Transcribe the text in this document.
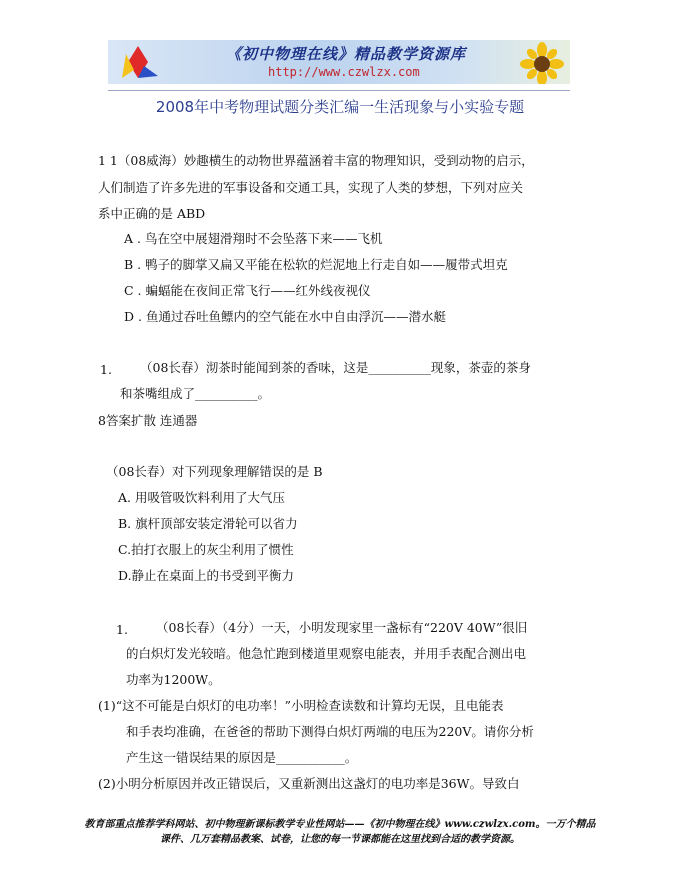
《初中物理在线》精品教学资源库
http://www.czwlzx.com
2008年中考物理试题分类汇编一生活现象与小实验专题
1 1（08威海）妙趣横生的动物世界蕴涵着丰富的物理知识，受到动物的启示，
人们制造了许多先进的军事设备和交通工具，实现了人类的梦想，下列对应关
系中正确的是 ABD
A . 鸟在空中展翅滑翔时不会坠落下来——飞机
B . 鸭子的脚掌又扁又平能在松软的烂泥地上行走自如——履带式坦克
C . 蝙蝠能在夜间正常飞行——红外线夜视仪
D . 鱼通过吞吐鱼鳔内的空气能在水中自由浮沉——潜水艇
1. （08长春）沏茶时能闻到茶的香味，这是__________现象，茶壶的茶身
和茶嘴组成了__________。
8答案扩散 连通器
（08长春）对下列现象理解错误的是 B
A. 用吸管吸饮料利用了大气压
B. 旗杆顶部安装定滑轮可以省力
C.拍打衣服上的灰尘利用了惯性
D.静止在桌面上的书受到平衡力
1. （08长春）（4分）一天，小明发现家里一盏标有“220V 40W”很旧
的白炽灯发光较暗。他急忙跑到楼道里观察电能表，并用手表配合测出电
功率为1200W。
(1)“这不可能是白炽灯的电功率！”小明检查读数和计算均无误，且电能表
和手表均准确，在爸爸的帮助下测得白炽灯两端的电压为220V。请你分析
产生这一错误结果的原因是___________。
(2)小明分析原因并改正错误后，又重新测出这盏灯的电功率是36W。导致白
教育部重点推荐学科网站、初中物理新课标教学专业性网站——《初中物理在线》www.czwlzx.com。一万个精品
课件、几万套精品教案、试卷，让您的每一节课都能在这里找到合适的教学资源。
